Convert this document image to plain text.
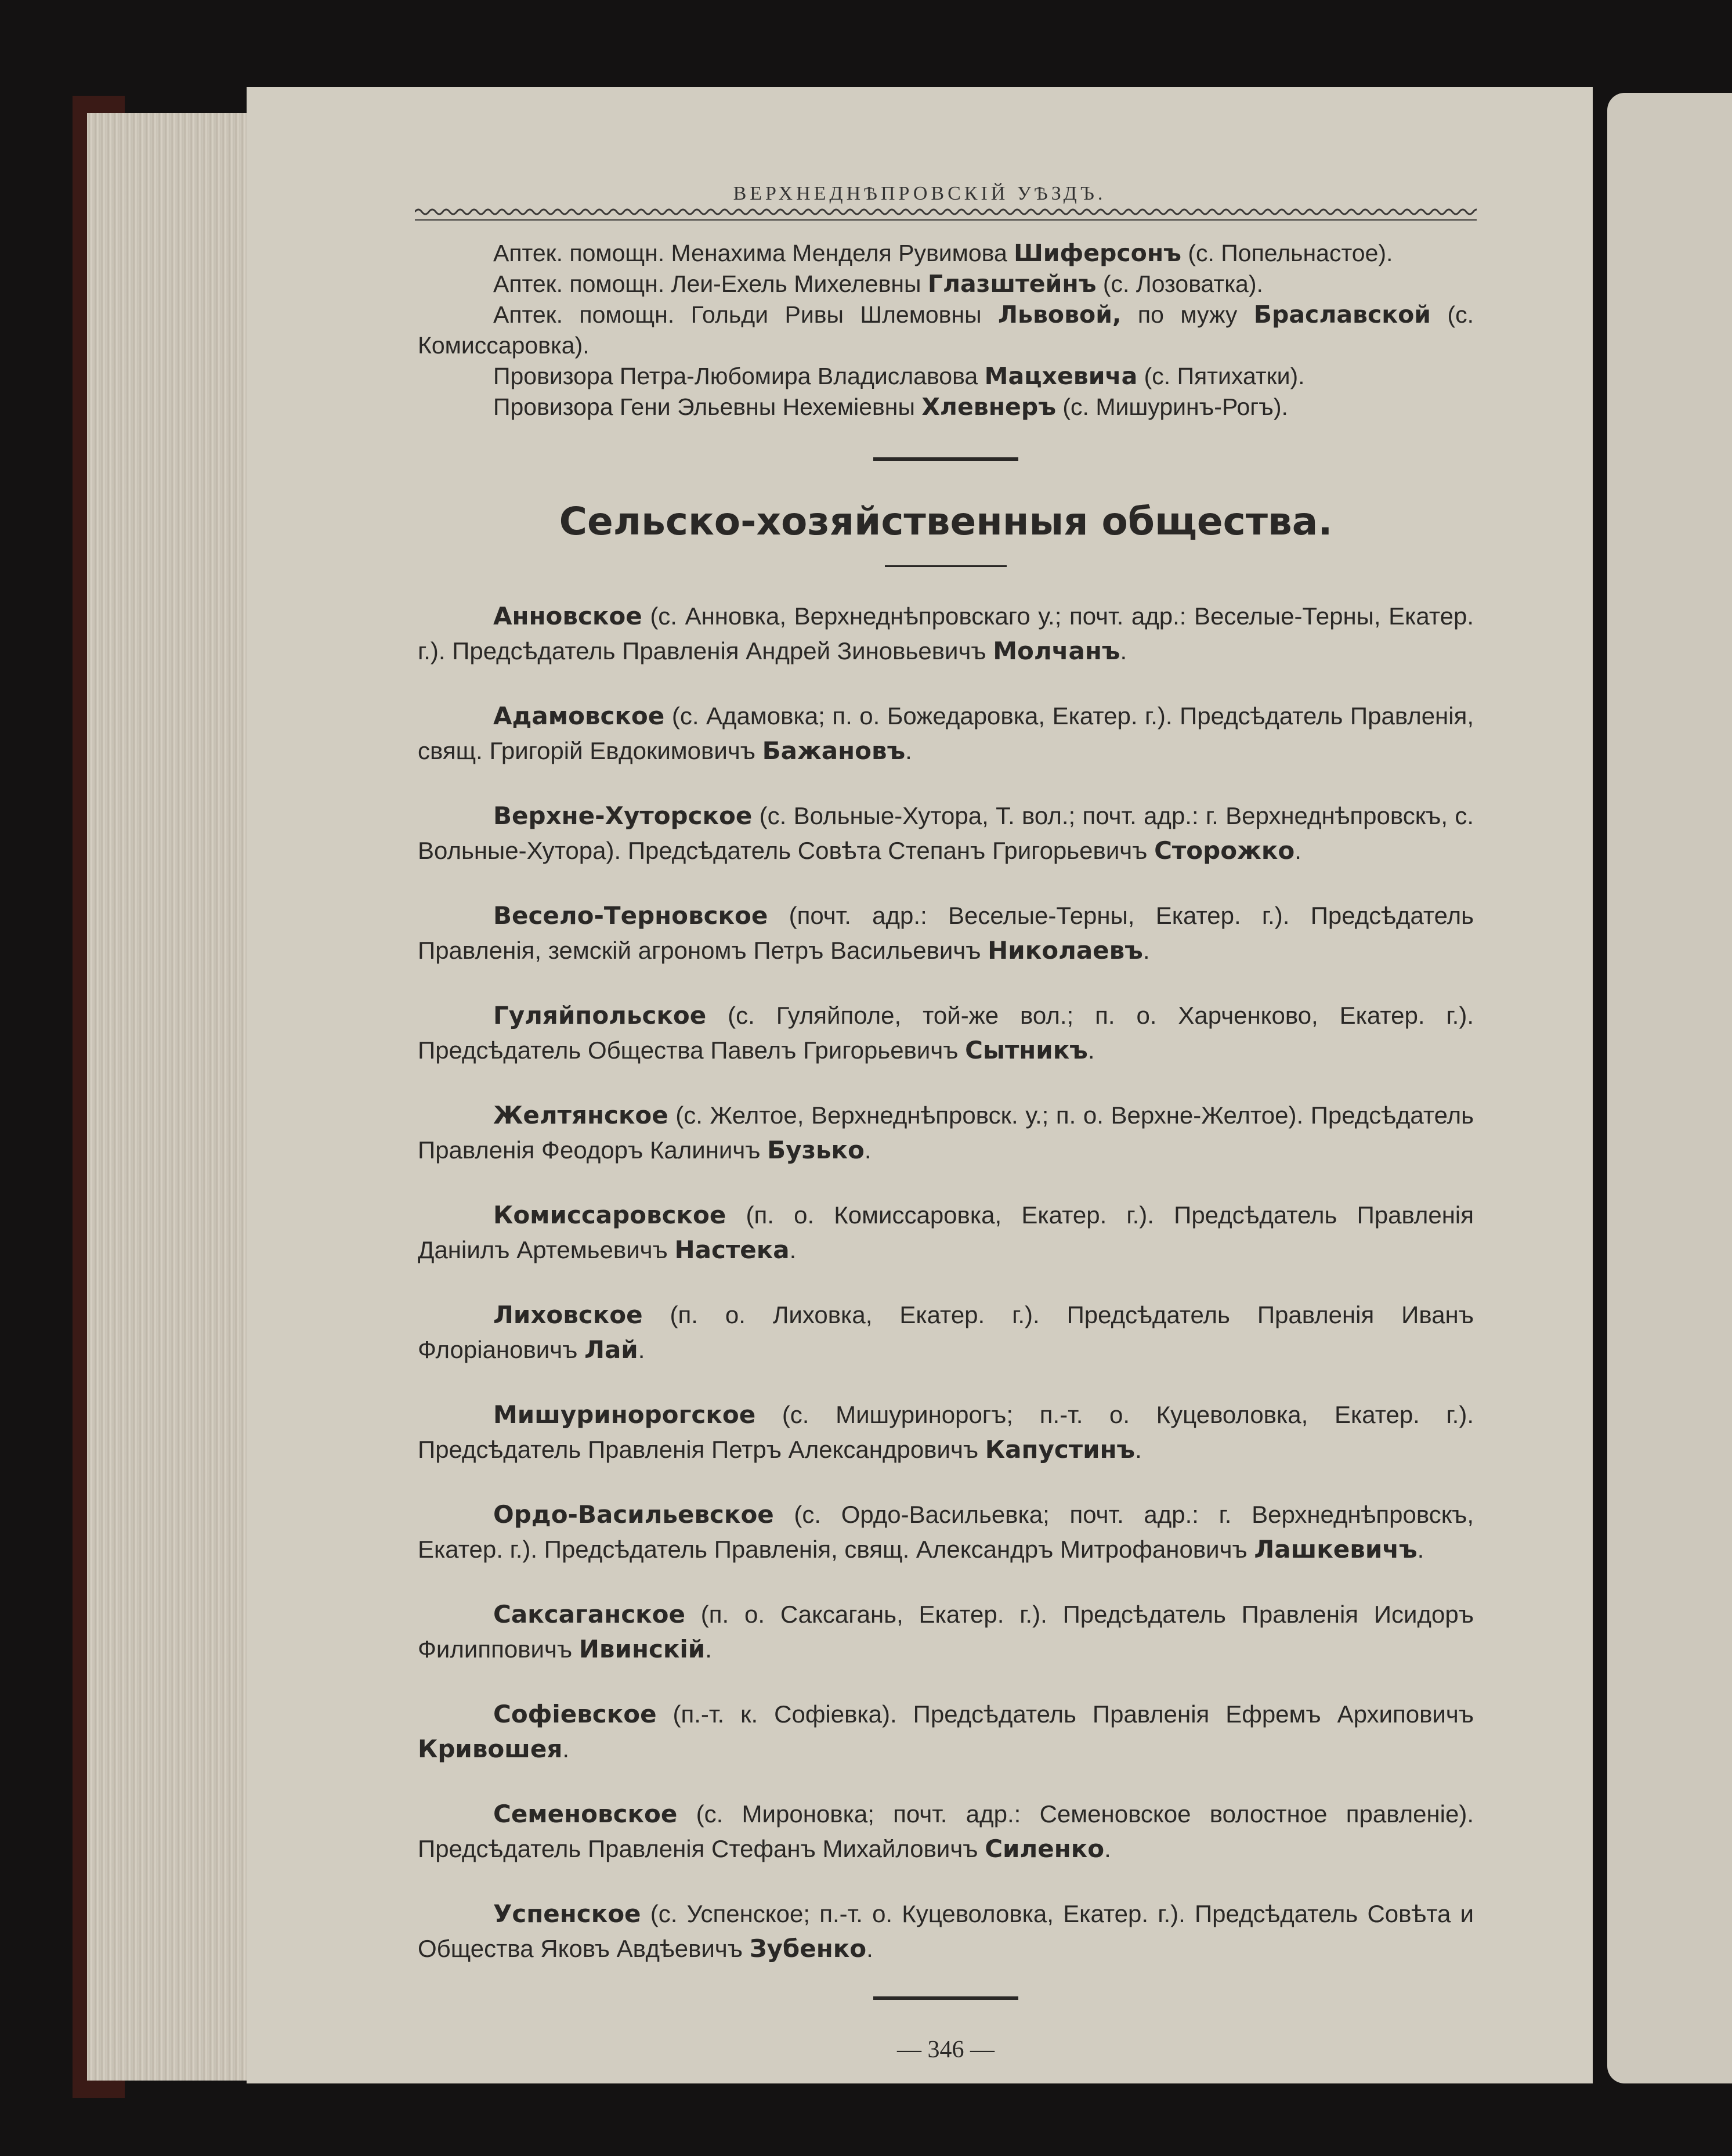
ВЕРХНЕДНѢПРОВСКIЙ УѢЗДЪ.

Аптек. помощн. Менахима Менделя Рувимова Шиферсонъ (с. Попельнастое).

Аптек. помощн. Леи-Ехель Михелевны Глазштейнъ (с. Лозоватка).

Аптек. помощн. Гольди Ривы Шлемовны Львовой, по мужу Браславской (с. Комиссаровка).

Провизора Петра-Любомира Владиславова Мацхевича (с. Пятихатки).

Провизора Гени Эльевны Нехемiевны Хлевнеръ (с. Мишуринъ-Рогъ).

Сельско-хозяйственныя общества.

Анновское (с. Анновка, Верхнеднѣпровскаго у.; почт. адр.: Веселые-Терны, Екатер. г.). Предсѣдатель Правленiя Андрей Зиновьевичъ Молчанъ.

Адамовское (с. Адамовка; п. о. Божедаровка, Екатер. г.). Предсѣдатель Правленiя, свящ. Григорiй Евдокимовичъ Бажановъ.

Верхне-Хуторское (с. Вольные-Хутора, Т. вол.; почт. адр.: г. Верхнеднѣпровскъ, с. Вольные-Хутора). Предсѣдатель Совѣта Степанъ Григорьевичъ Сторожко.

Весело-Терновское (почт. адр.: Веселые-Терны, Екатер. г.). Предсѣдатель Правленiя, земскiй агрономъ Петръ Васильевичъ Николаевъ.

Гуляйпольское (с. Гуляйполе, той-же вол.; п. о. Харченково, Екатер. г.). Предсѣдатель Общества Павелъ Григорьевичъ Сытникъ.

Желтянское (с. Желтое, Верхнеднѣпровск. у.; п. о. Верхне-Желтое). Предсѣдатель Правленiя Феодоръ Калиничъ Бузько.

Комиссаровское (п. о. Комиссаровка, Екатер. г.). Предсѣдатель Правленiя Данiилъ Артемьевичъ Настека.

Лиховское (п. о. Лиховка, Екатер. г.). Предсѣдатель Правленiя Иванъ Флорiановичъ Лай.

Мишуринорогское (с. Мишуринорогъ; п.-т. о. Куцеволовка, Екатер. г.). Предсѣдатель Правленiя Петръ Александровичъ Капустинъ.

Ордо-Васильевское (с. Ордо-Васильевка; почт. адр.: г. Верхнеднѣпровскъ, Екатер. г.). Предсѣдатель Правленiя, свящ. Александръ Митрофановичъ Лашкевичъ.

Саксаганское (п. о. Саксагань, Екатер. г.). Предсѣдатель Правленiя Исидоръ Филипповичъ Ивинскiй.

Софiевское (п.-т. к. Софiевка). Предсѣдатель Правленiя Ефремъ Архиповичъ Кривошея.

Семеновское (с. Мироновка; почт. адр.: Семеновское волостное правленiе). Предсѣдатель Правленiя Стефанъ Михайловичъ Силенко.

Успенское (с. Успенское; п.-т. о. Куцеволовка, Екатер. г.). Предсѣдатель Совѣта и Общества Яковъ Авдѣевичъ Зубенко.

— 346 —
